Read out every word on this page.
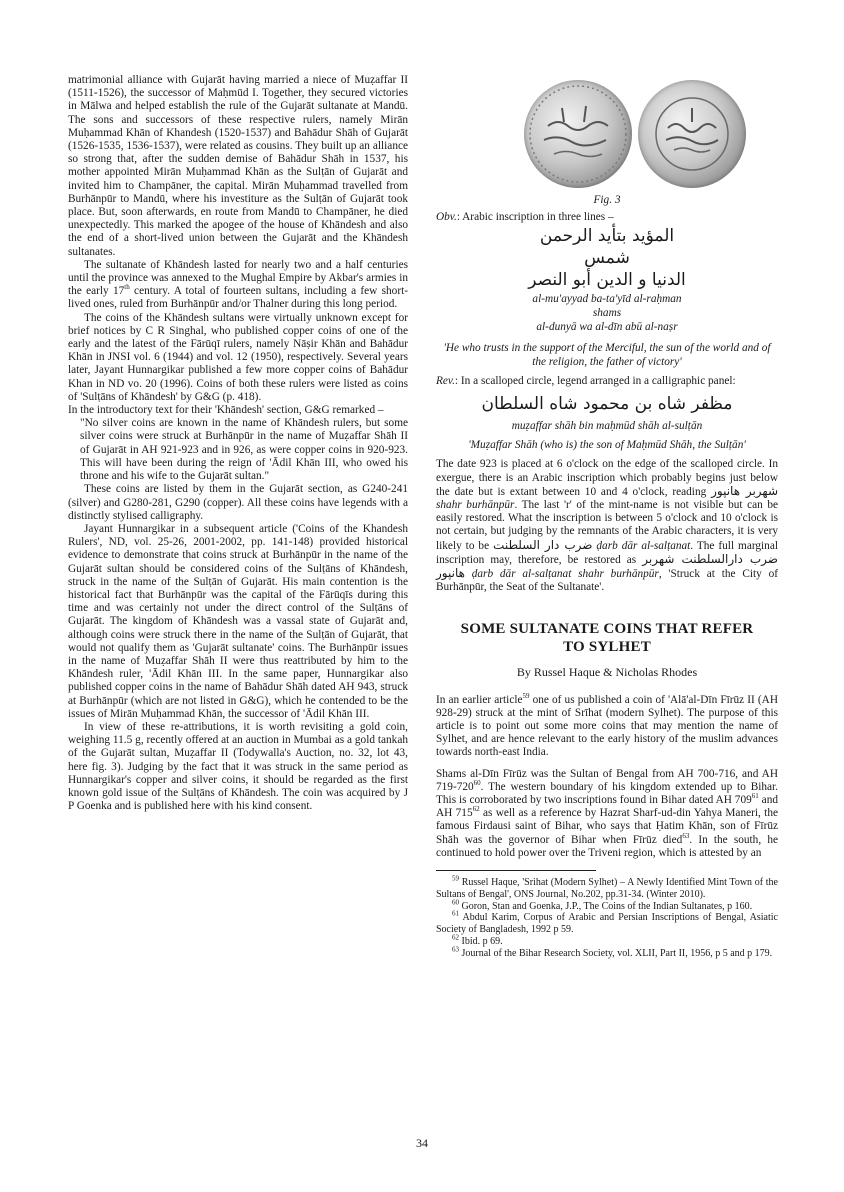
matrimonial alliance with Gujarāt having married a niece of Muẓaffar II (1511-1526), the successor of Maḥmūd I. Together, they secured victories in Mālwa and helped establish the rule of the Gujarāt sultanate at Mandū. The sons and successors of these respective rulers, namely Mirān Muḥammad Khān of Khandesh (1520-1537) and Bahādur Shāh of Gujarāt (1526-1535, 1536-1537), were related as cousins. They built up an alliance so strong that, after the sudden demise of Bahādur Shāh in 1537, his mother appointed Mirān Muḥammad Khān as the Sulṭān of Gujarāt and invited him to Champāner, the capital. Mirān Muḥammad travelled from Burhānpūr to Mandū, where his investiture as the Sulṭān of Gujarāt took place. But, soon afterwards, en route from Mandū to Champāner, he died unexpectedly. This marked the apogee of the house of Khāndesh and also the end of a short-lived union between the Gujarāt and the Khāndesh sultanates.

The sultanate of Khāndesh lasted for nearly two and a half centuries until the province was annexed to the Mughal Empire by Akbar's armies in the early 17th century. A total of fourteen sultans, including a few short-lived ones, ruled from Burhānpūr and/or Thalner during this long period.

The coins of the Khāndesh sultans were virtually unknown except for brief notices by C R Singhal, who published copper coins of one of the early and the latest of the Fārūqī rulers, namely Nāṣir Khān and Bahādur Khān in JNSI vol. 6 (1944) and vol. 12 (1950), respectively. Several years later, Jayant Hunnargikar published a few more copper coins of Bahādur Khan in ND vo. 20 (1996). Coins of both these rulers were listed as coins of 'Sulṭāns of Khāndesh' by G&G (p. 418).

In the introductory text for their 'Khāndesh' section, G&G remarked –

"No silver coins are known in the name of Khāndesh rulers, but some silver coins were struck at Burhānpūr in the name of Muẓaffar Shāh II of Gujarāt in AH 921-923 and in 926, as were copper coins in 920-923. This will have been during the reign of 'Ādil Khān III, who owed his throne and his wife to the Gujarāt sultan."

These coins are listed by them in the Gujarāt section, as G240-241 (silver) and G280-281, G290 (copper). All these coins have legends with a distinctly stylised calligraphy.

Jayant Hunnargikar in a subsequent article ('Coins of the Khandesh Rulers', ND, vol. 25-26, 2001-2002, pp. 141-148) provided historical evidence to demonstrate that coins struck at Burhānpūr in the name of the Gujarāt sultan should be considered coins of the Sulṭāns of Khāndesh, struck in the name of the Sulṭān of Gujarāt. His main contention is the historical fact that Burhānpūr was the capital of the Fārūqīs during this time and was certainly not under the direct control of the Sulṭāns of Gujarāt. The kingdom of Khāndesh was a vassal state of Gujarāt and, although coins were struck there in the name of the Sulṭān of Gujarāt, that would not qualify them as 'Gujarāt sultanate' coins. The Burhānpūr issues in the name of Muẓaffar Shāh II were thus reattributed by him to the Khāndesh ruler, 'Ādil Khān III. In the same paper, Hunnargikar also published copper coins in the name of Bahādur Shāh dated AH 943, struck at Burhānpūr (which are not listed in G&G), which he contended to be the issues of Mirān Muḥammad Khān, the successor of 'Ādil Khān III.

In view of these re-attributions, it is worth revisiting a gold coin, weighing 11.5 g, recently offered at an auction in Mumbai as a gold tankah of the Gujarāt sultan, Muẓaffar II (Todywalla's Auction, no. 32, lot 43, here fig. 3). Judging by the fact that it was struck in the same period as Hunnargikar's copper and silver coins, it should be regarded as the first known gold issue of the Sulṭāns of Khāndesh. The coin was acquired by J P Goenka and is published here with his kind consent.

Fig. 3

Obv.: Arabic inscription in three lines –

المؤيد بتأيد الرحمن
شمس
الدنيا و الدين أبو النصر
al-mu'ayyad ba-ta'yīd al-raḥman
shams
al-dunyā wa al-dīn abū al-naṣr

'He who trusts in the support of the Merciful, the sun of the world and of the religion, the father of victory'

Rev.: In a scalloped circle, legend arranged in a calligraphic panel:

مظفر شاه بن محمود شاه السلطان

muẓaffar shāh bin maḥmūd shāh al-sulṭān

'Muẓaffar Shāh (who is) the son of Maḥmūd Shāh, the Sulṭān'

The date 923 is placed at 6 o'clock on the edge of the scalloped circle. In exergue, there is an Arabic inscription which probably begins just below the date but is extant between 10 and 4 o'clock, reading شهربر هانپور shahr burhānpūr. The last 'r' of the mint-name is not visible but can be easily restored. What the inscription is between 5 o'clock and 10 o'clock is not certain, but judging by the remnants of the Arabic characters, it is very likely to be ضرب دار السلطنت ḍarb dār al-salṭanat. The full marginal inscription may, therefore, be restored as ضرب دارالسلطنت شهربر هانپور ḍarb dār al-salṭanat shahr burhānpūr, 'Struck at the City of Burhānpūr, the Seat of the Sultanate'.

SOME SULTANATE COINS THAT REFER
TO SYLHET
By Russel Haque & Nicholas Rhodes

In an earlier article$^{59}$ one of us published a coin of 'Alā'al-Dīn Fīrūz II (AH 928-29) struck at the mint of Srīhat (modern Sylhet). The purpose of this article is to point out some more coins that may mention the name of Sylhet, and are hence relevant to the early history of the muslim advances towards north-east India.

Shams al-Dīn Fīrūz was the Sultan of Bengal from AH 700-716, and AH $719-720^{60}$. The western boundary of his kingdom extended up to Bihar. This is corroborated by two inscriptions found in Bihar dated AH $709^{61}$ and AH $715^{62}$ as well as a reference by Hazrat Sharf-ud-din Yahya Maneri, the famous Firdausi saint of Bihar, who says that Ḥatim Khān, son of Fīrūz Shāh was the governor of Bihar when Fīrūz died$^{63}$. In the south, he continued to hold power over the Triveni region, which is attested by an

$^{59}$ Russel Haque, 'Srihat (Modern Sylhet) – A Newly Identified Mint Town of the Sultans of Bengal', ONS Journal, No.202, pp.31-34. (Winter 2010).

$^{60}$ Goron, Stan and Goenka, J.P., The Coins of the Indian Sultanates, p 160.

$^{61}$ Abdul Karim, Corpus of Arabic and Persian Inscriptions of Bengal, Asiatic Society of Bangladesh, 1992 p 59.

$^{62}$ Ibid. p 69.

$^{63}$ Journal of the Bihar Research Society, vol. XLII, Part II, 1956, p 5 and p 179.

34
